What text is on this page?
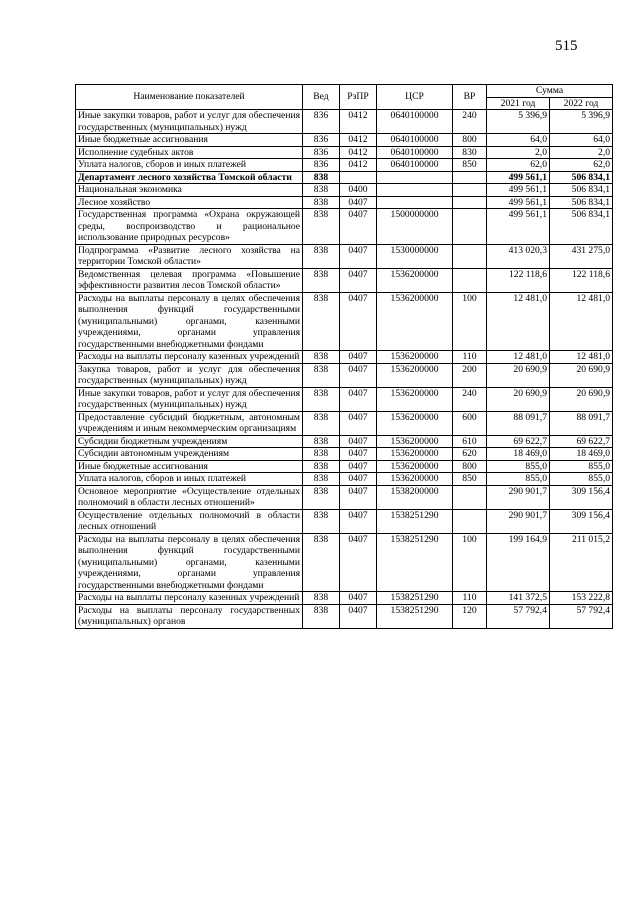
515
Наименование показателей	Вед	РзПР	ЦСР	ВР	Сумма	
					2021 год	2022 год
Иные закупки товаров, работ и услуг для обеспечения государственных (муниципальных) нужд	836	0412	0640100000	240	5 396,9	5 396,9
Иные бюджетные ассигнования	836	0412	0640100000	800	64,0	64,0
Исполнение судебных актов	836	0412	0640100000	830	2,0	2,0
Уплата налогов, сборов и иных платежей	836	0412	0640100000	850	62,0	62,0
Департамент лесного хозяйства Томской области	838				499 561,1	506 834,1
Национальная экономика	838	0400			499 561,1	506 834,1
Лесное хозяйство	838	0407			499 561,1	506 834,1
Государственная программа «Охрана окружающей среды, воспроизводство и рациональное использование природных ресурсов»	838	0407	1500000000		499 561,1	506 834,1
Подпрограмма «Развитие лесного хозяйства на территории Томской области»	838	0407	1530000000		413 020,3	431 275,0
Ведомственная целевая программа «Повышение эффективности развития лесов Томской области»	838	0407	1536200000		122 118,6	122 118,6
Расходы на выплаты персоналу в целях обеспечения выполнения функций государственными (муниципальными) органами, казенными учреждениями, органами управления государственными внебюджетными фондами	838	0407	1536200000	100	12 481,0	12 481,0
Расходы на выплаты персоналу казенных учреждений	838	0407	1536200000	110	12 481,0	12 481,0
Закупка товаров, работ и услуг для обеспечения государственных (муниципальных) нужд	838	0407	1536200000	200	20 690,9	20 690,9
Иные закупки товаров, работ и услуг для обеспечения государственных (муниципальных) нужд	838	0407	1536200000	240	20 690,9	20 690,9
Предоставление субсидий бюджетным, автономным учреждениям и иным некоммерческим организациям	838	0407	1536200000	600	88 091,7	88 091,7
Субсидии бюджетным учреждениям	838	0407	1536200000	610	69 622,7	69 622,7
Субсидии автономным учреждениям	838	0407	1536200000	620	18 469,0	18 469,0
Иные бюджетные ассигнования	838	0407	1536200000	800	855,0	855,0
Уплата налогов, сборов и иных платежей	838	0407	1536200000	850	855,0	855,0
Основное мероприятие «Осуществление отдельных полномочий в области лесных отношений»	838	0407	1538200000		290 901,7	309 156,4
Осуществление отдельных полномочий в области лесных отношений	838	0407	1538251290		290 901,7	309 156,4
Расходы на выплаты персоналу в целях обеспечения выполнения функций государственными (муниципальными) органами, казенными учреждениями, органами управления государственными внебюджетными фондами	838	0407	1538251290	100	199 164,9	211 015,2
Расходы на выплаты персоналу казенных учреждений	838	0407	1538251290	110	141 372,5	153 222,8
Расходы на выплаты персоналу государственных (муниципальных) органов	838	0407	1538251290	120	57 792,4	57 792,4
